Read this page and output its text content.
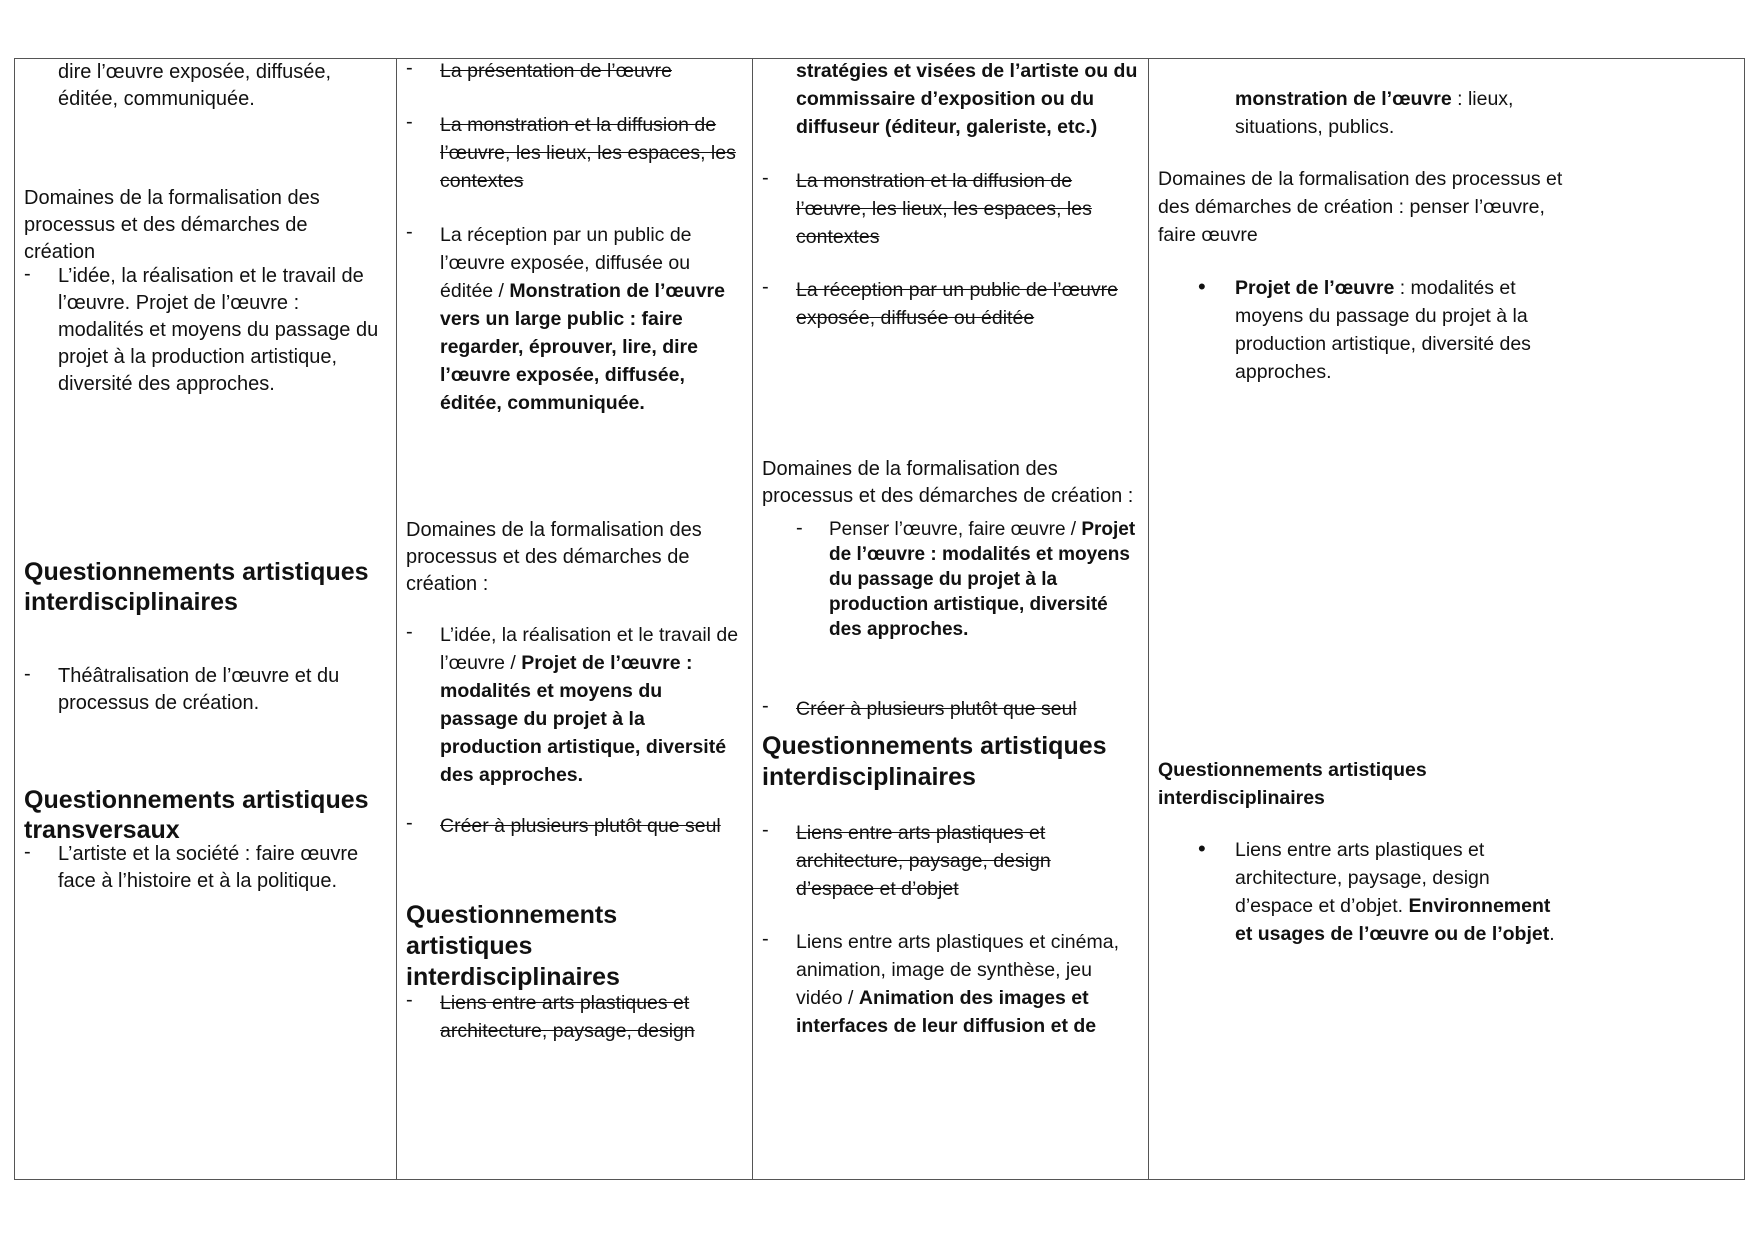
dire l’œuvre exposée, diffusée, éditée, communiquée.
Domaines de la formalisation des processus et des démarches de création
- L’idée, la réalisation et le travail de l’œuvre. Projet de l’œuvre : modalités et moyens du passage du projet à la production artistique, diversité des approches.
Questionnements artistiques interdisciplinaires
- Théâtralisation de l’œuvre et du processus de création.
Questionnements artistiques transversaux
- L’artiste et la société : faire œuvre face à l’histoire et à la politique.

- La présentation de l’œuvre
- La monstration et la diffusion de l’œuvre, les lieux, les espaces, les contextes
- La réception par un public de l’œuvre exposée, diffusée ou éditée / Monstration de l’œuvre vers un large public : faire regarder, éprouver, lire, dire l’œuvre exposée, diffusée, éditée, communiquée.
Domaines de la formalisation des processus et des démarches de création :
- L’idée, la réalisation et le travail de l’œuvre / Projet de l’œuvre : modalités et moyens du passage du projet à la production artistique, diversité des approches.
- Créer à plusieurs plutôt que seul
Questionnements artistiques interdisciplinaires
- Liens entre arts plastiques et architecture, paysage, design

stratégies et visées de l’artiste ou du commissaire d’exposition ou du diffuseur (éditeur, galeriste, etc.)
- La monstration et la diffusion de l’œuvre, les lieux, les espaces, les contextes
- La réception par un public de l’œuvre exposée, diffusée ou éditée
Domaines de la formalisation des processus et des démarches de création :
- Penser l’œuvre, faire œuvre / Projet de l’œuvre : modalités et moyens du passage du projet à la production artistique, diversité des approches.
- Créer à plusieurs plutôt que seul
Questionnements artistiques interdisciplinaires
- Liens entre arts plastiques et architecture, paysage, design d’espace et d’objet
- Liens entre arts plastiques et cinéma, animation, image de synthèse, jeu vidéo / Animation des images et interfaces de leur diffusion et de

monstration de l’œuvre : lieux, situations, publics.
Domaines de la formalisation des processus et des démarches de création : penser l’œuvre, faire œuvre
• Projet de l’œuvre : modalités et moyens du passage du projet à la production artistique, diversité des approches.
Questionnements artistiques interdisciplinaires
• Liens entre arts plastiques et architecture, paysage, design d’espace et d’objet. Environnement et usages de l’œuvre ou de l’objet.
